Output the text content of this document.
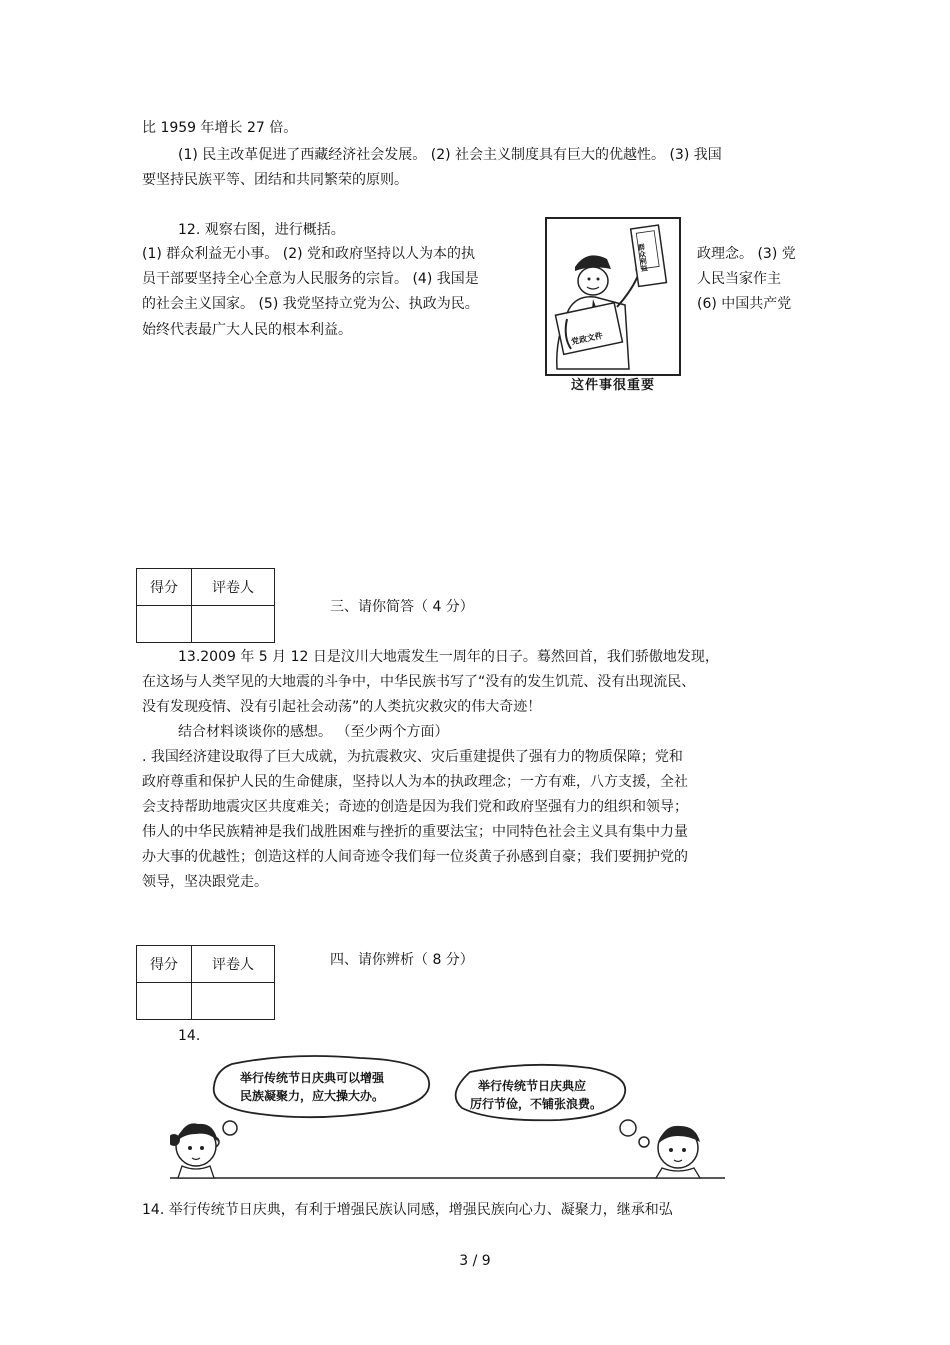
比 1959 年增长 27 倍。
(1) 民主改革促进了西藏经济社会发展。 (2) 社会主义制度具有巨大的优越性。 (3) 我国
要坚持民族平等、团结和共同繁荣的原则。
12. 观察右图，进行概括。
(1) 群众利益无小事。 (2) 党和政府坚持以人为本的执	政理念。 (3) 党
员干部要坚持全心全意为人民服务的宗旨。 (4) 我国是	人民当家作主
的社会主义国家。 (5) 我党坚持立党为公、执政为民。	(6) 中国共产党
始终代表最广大人民的根本利益。
群众利益
党政文件
这件事很重要
得分	评卷人

三、请你简答（ 4 分）
13.2009 年 5 月 12 日是汶川大地震发生一周年的日子。蓦然回首，我们骄傲地发现，
在这场与人类罕见的大地震的斗争中，中华民族书写了“没有的发生饥荒、没有出现流民、
没有发现疫情、没有引起社会动荡”的人类抗灾救灾的伟大奇迹！
结合材料谈谈你的感想。 （至少两个方面）
. 我国经济建设取得了巨大成就，为抗震救灾、灾后重建提供了强有力的物质保障；党和
政府尊重和保护人民的生命健康，坚持以人为本的执政理念；一方有难，八方支援，全社
会支持帮助地震灾区共度难关；奇迹的创造是因为我们党和政府坚强有力的组织和领导；
伟人的中华民族精神是我们战胜困难与挫折的重要法宝；中同特色社会主义具有集中力量
办大事的优越性；创造这样的人间奇迹令我们每一位炎黄子孙感到自豪；我们要拥护党的
领导，坚决跟党走。
得分	评卷人
		四、请你辨析（ 8 分）
14.
举行传统节日庆典可以增强
民族凝聚力，应大操大办。
举行传统节日庆典应
厉行节俭，不铺张浪费。
14. 举行传统节日庆典，有利于增强民族认同感，增强民族向心力、凝聚力，继承和弘
3 / 9
